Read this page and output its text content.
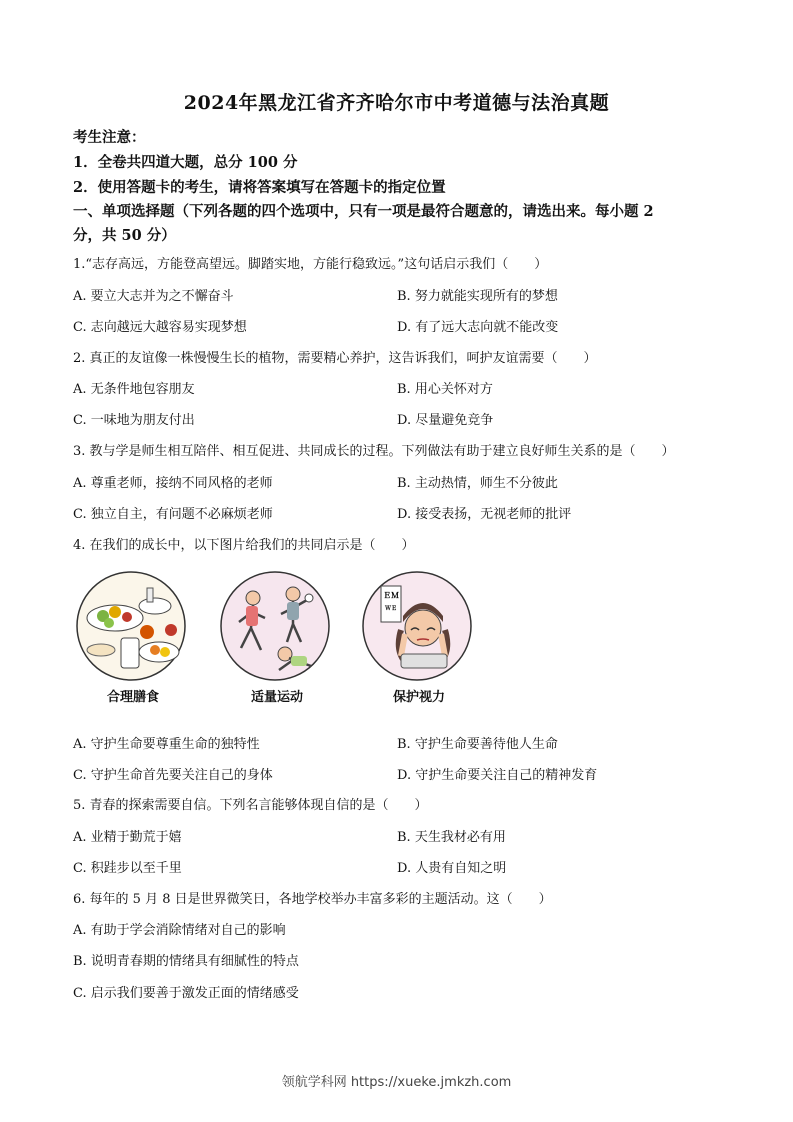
2024年黑龙江省齐齐哈尔市中考道德与法治真题
考生注意：
1．全卷共四道大题，总分 100 分
2．使用答题卡的考生，请将答案填写在答题卡的指定位置
一、单项选择题（下列各题的四个选项中，只有一项是最符合题意的，请选出来。每小题 2
分，共 50 分）
1.“志存高远，方能登高望远。脚踏实地，方能行稳致远。”这句话启示我们（　　）
A. 要立大志并为之不懈奋斗	B. 努力就能实现所有的梦想
C. 志向越远大越容易实现梦想	D. 有了远大志向就不能改变
2. 真正的友谊像一株慢慢生长的植物，需要精心养护，这告诉我们，呵护友谊需要（　　）
A. 无条件地包容朋友	B. 用心关怀对方
C. 一味地为朋友付出	D. 尽量避免竞争
3. 教与学是师生相互陪伴、相互促进、共同成长的过程。下列做法有助于建立良好师生关系的是（　　）
A. 尊重老师，接纳不同风格的老师	B. 主动热情，师生不分彼此
C. 独立自主，有问题不必麻烦老师	D. 接受表扬，无视老师的批评
4. 在我们的成长中，以下图片给我们的共同启示是（　　）
合理膳食	适量运动
ＥＭ
ＷＥ
保护视力
A. 守护生命要尊重生命的独特性	B. 守护生命要善待他人生命
C. 守护生命首先要关注自己的身体	D. 守护生命要关注自己的精神发育
5. 青春的探索需要自信。下列名言能够体现自信的是（　　）
A. 业精于勤荒于嬉	B. 天生我材必有用
C. 积跬步以至千里	D. 人贵有自知之明
6. 每年的 5 月 8 日是世界微笑日，各地学校举办丰富多彩的主题活动。这（　　）
A. 有助于学会消除情绪对自己的影响
B. 说明青春期的情绪具有细腻性的特点
C. 启示我们要善于激发正面的情绪感受
领航学科网 https://xueke.jmkzh.com
